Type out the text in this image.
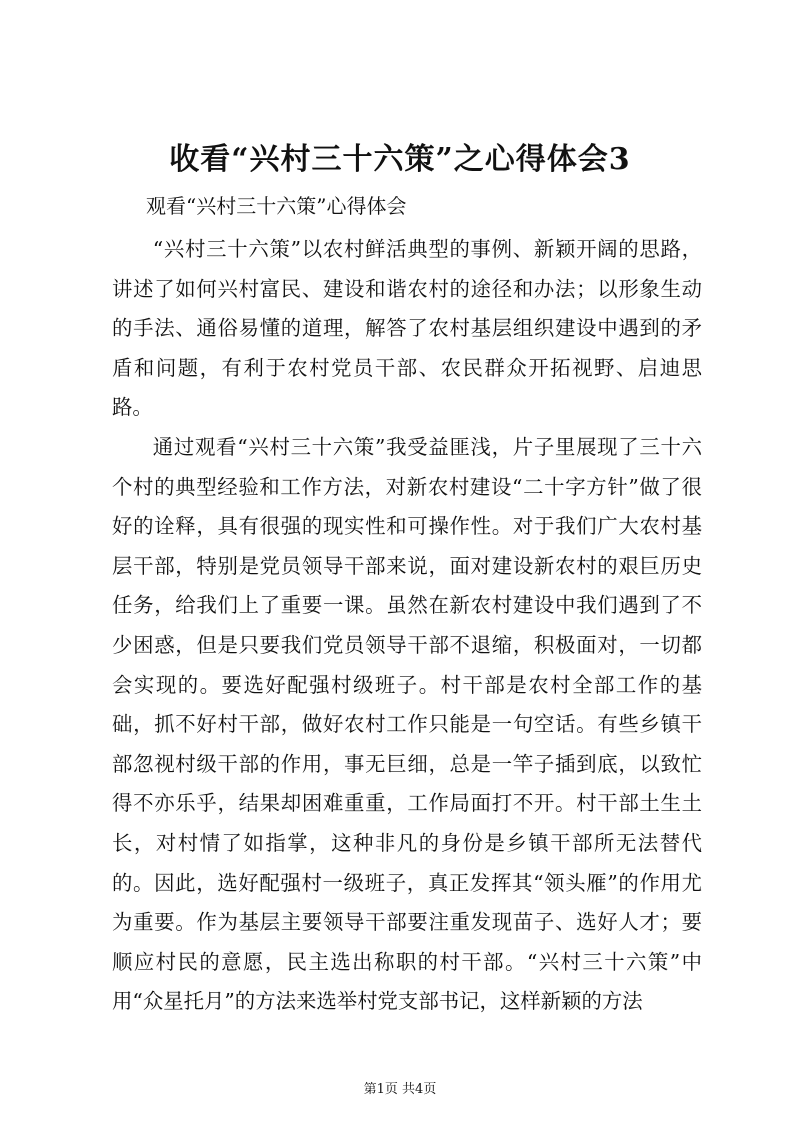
收看“兴村三十六策”之心得体会3

观看“兴村三十六策”心得体会

“兴村三十六策”以农村鲜活典型的事例、新颖开阔的思路，讲述了如何兴村富民、建设和谐农村的途径和办法；以形象生动的手法、通俗易懂的道理，解答了农村基层组织建设中遇到的矛盾和问题，有利于农村党员干部、农民群众开拓视野、启迪思路。

通过观看“兴村三十六策”我受益匪浅，片子里展现了三十六个村的典型经验和工作方法，对新农村建设“二十字方针”做了很好的诠释，具有很强的现实性和可操作性。对于我们广大农村基层干部，特别是党员领导干部来说，面对建设新农村的艰巨历史任务，给我们上了重要一课。虽然在新农村建设中我们遇到了不少困惑，但是只要我们党员领导干部不退缩，积极面对，一切都会实现的。要选好配强村级班子。村干部是农村全部工作的基础，抓不好村干部，做好农村工作只能是一句空话。有些乡镇干部忽视村级干部的作用，事无巨细，总是一竿子插到底，以致忙得不亦乐乎，结果却困难重重，工作局面打不开。村干部土生土长，对村情了如指掌，这种非凡的身份是乡镇干部所无法替代的。因此，选好配强村一级班子，真正发挥其“领头雁”的作用尤为重要。作为基层主要领导干部要注重发现苗子、选好人才；要顺应村民的意愿，民主选出称职的村干部。“兴村三十六策”中用“众星托月”的方法来选举村党支部书记，这样新颖的方法

第1页 共4页
